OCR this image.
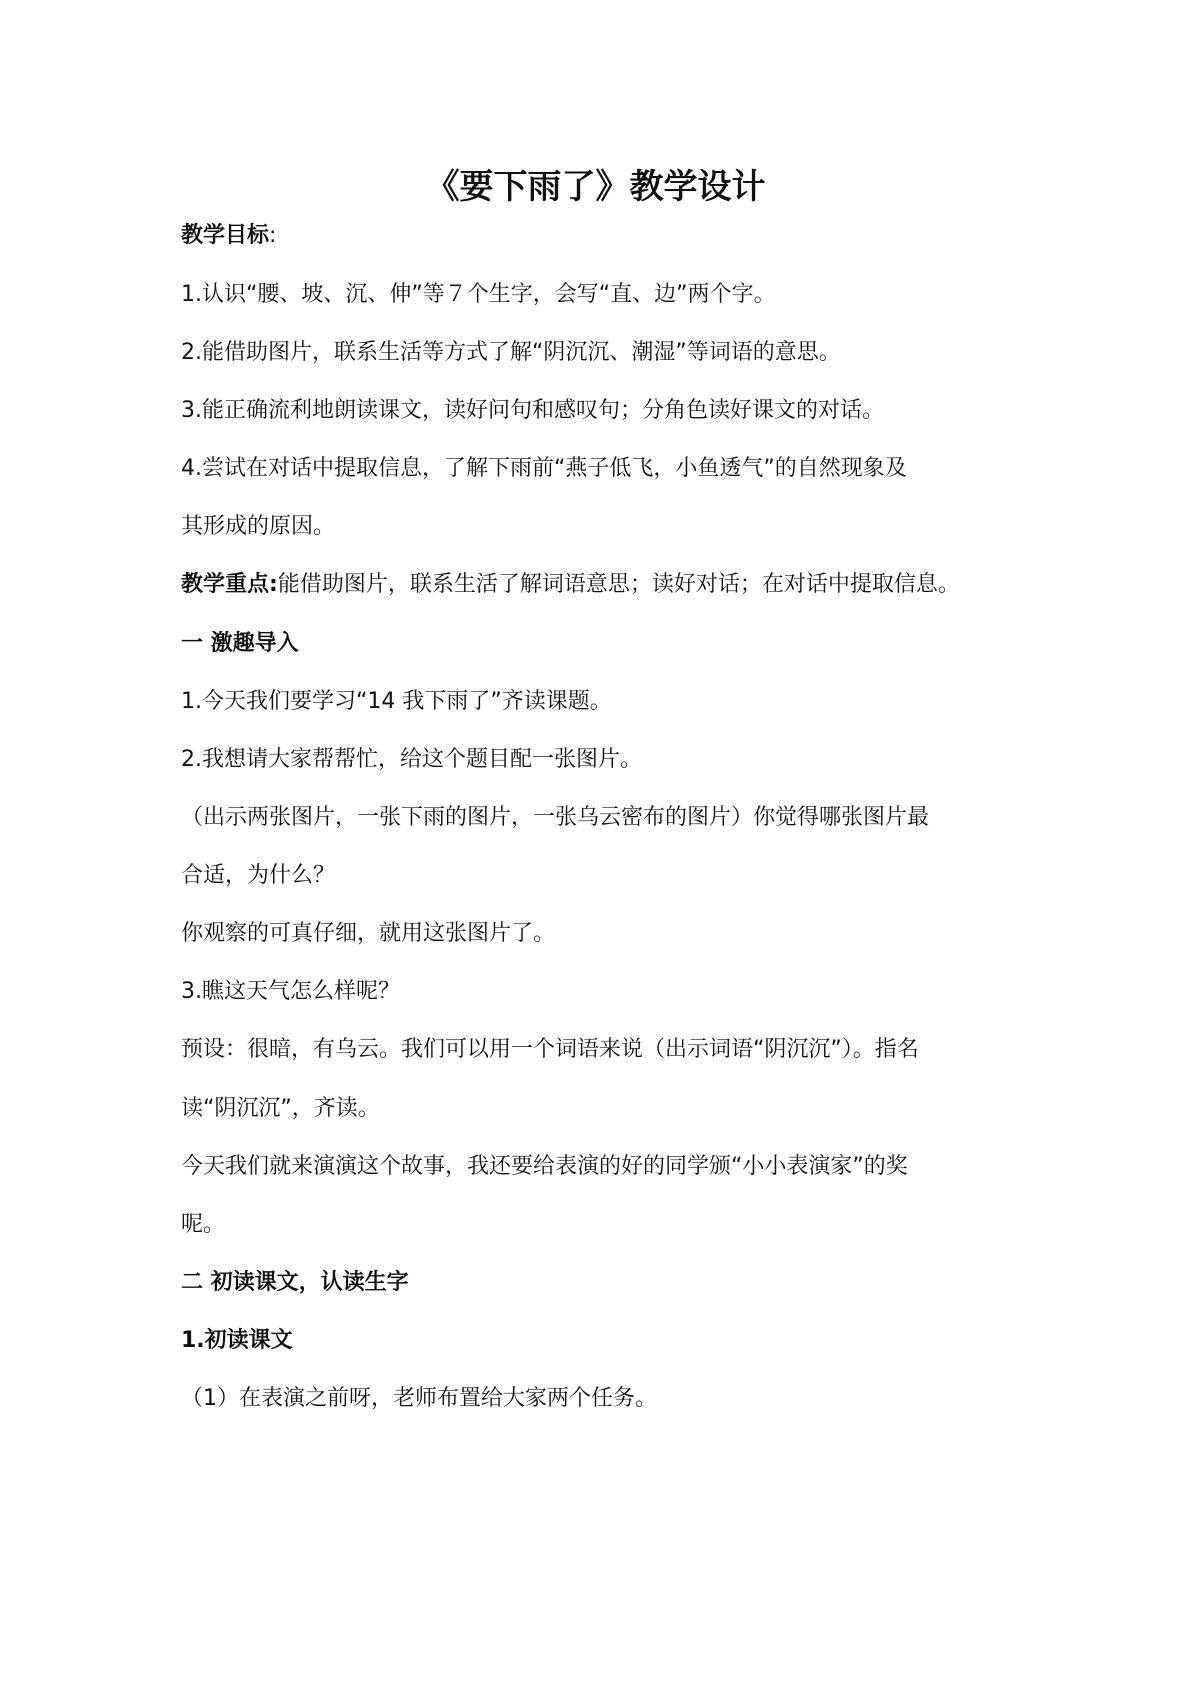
《要下雨了》教学设计

教学目标:

1.认识“腰、坡、沉、伸”等７个生字，会写“直、边”两个字。

2.能借助图片，联系生活等方式了解“阴沉沉、潮湿”等词语的意思。

3.能正确流利地朗读课文，读好问句和感叹句；分角色读好课文的对话。

4.尝试在对话中提取信息，了解下雨前“燕子低飞，小鱼透气”的自然现象及

其形成的原因。

教学重点:能借助图片，联系生活了解词语意思；读好对话；在对话中提取信息。

一 激趣导入

1.今天我们要学习“14 我下雨了”齐读课题。

2.我想请大家帮帮忙，给这个题目配一张图片。

（出示两张图片，一张下雨的图片，一张乌云密布的图片）你觉得哪张图片最

合适，为什么？

你观察的可真仔细，就用这张图片了。

3.瞧这天气怎么样呢？

预设：很暗，有乌云。我们可以用一个词语来说（出示词语“阴沉沉”）。指名

读“阴沉沉”，齐读。

今天我们就来演演这个故事，我还要给表演的好的同学颁“小小表演家”的奖

呢。

二 初读课文，认读生字

1.初读课文

（1）在表演之前呀，老师布置给大家两个任务。
